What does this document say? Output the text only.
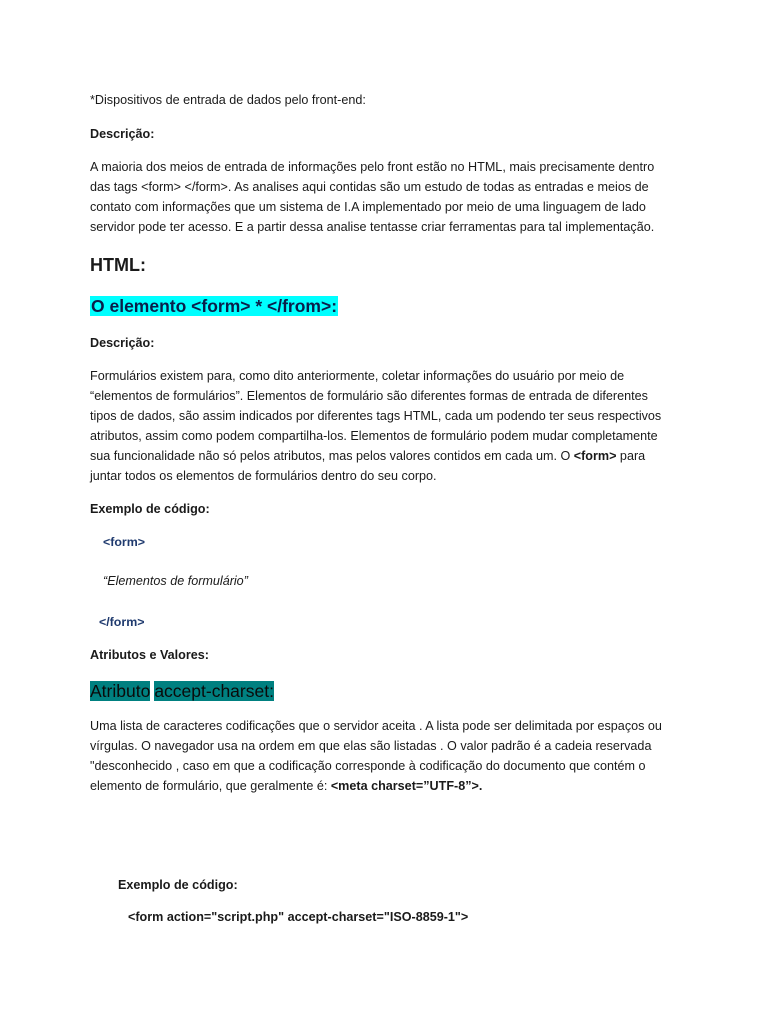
*Dispositivos de entrada de dados pelo front-end:

Descrição:

A maioria dos meios de entrada de informações pelo front estão no HTML, mais precisamente dentro das tags <form> </form>. As analises aqui contidas são um estudo de todas as entradas e meios de contato com informações que um sistema de I.A implementado por meio de uma linguagem de lado servidor pode ter acesso. E a partir dessa analise tentasse criar ferramentas para tal implementação.

HTML:

O elemento <form> * </from>:

Descrição:

Formulários existem para, como dito anteriormente, coletar informações do usuário por meio de “elementos de formulários”. Elementos de formulário são diferentes formas de entrada de diferentes tipos de dados, são assim indicados por diferentes tags HTML, cada um podendo ter seus respectivos atributos, assim como podem compartilha-los. Elementos de formulário podem mudar completamente sua funcionalidade não só pelos atributos, mas pelos valores contidos em cada um. O <form> para juntar todos os elementos de formulários dentro do seu corpo.

Exemplo de código:

<form>

“Elementos de formulário”

</form>

Atributos e Valores:

Atributo accept-charset:

Uma lista de caracteres codificações que o servidor aceita . A lista pode ser delimitada por espaços ou vírgulas. O navegador usa na ordem em que elas são listadas . O valor padrão é a cadeia reservada "desconhecido , caso em que a codificação corresponde à codificação do documento que contém o elemento de formulário, que geralmente é: <meta charset=”UTF-8”>.

Exemplo de código:

<form action="script.php" accept-charset="ISO-8859-1">
